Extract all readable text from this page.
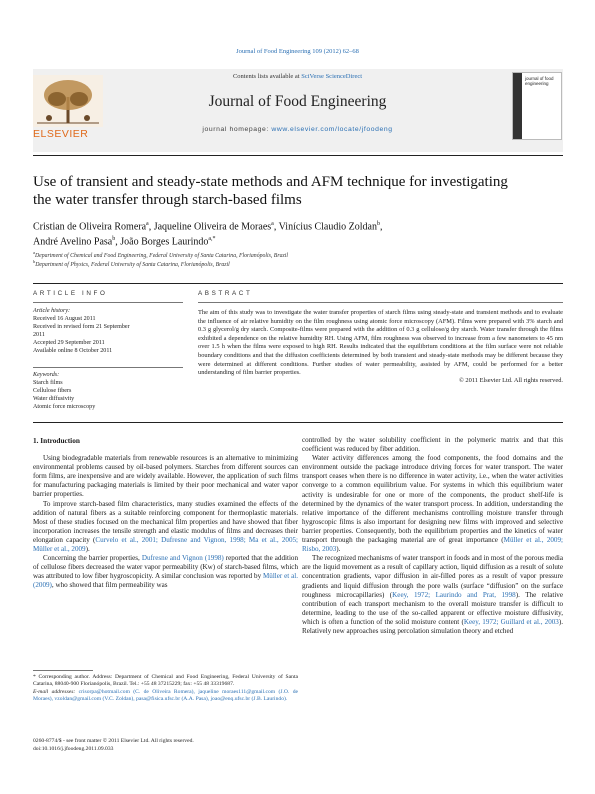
Journal of Food Engineering 109 (2012) 62–68
Contents lists available at SciVerse ScienceDirect
Journal of Food Engineering
journal homepage: www.elsevier.com/locate/jfoodeng
ELSEVIER
journal of food engineering
Use of transient and steady-state methods and AFM technique for investigating
the water transfer through starch-based films
Cristian de Oliveira Romera$^a$, Jaqueline Oliveira de Moraes$^a$, Vinícius Claudio Zoldan$^b$,
André Avelino Pasa$^b$, João Borges Laurindo$^{a,*}$
$^a$Department of Chemical and Food Engineering, Federal University of Santa Catarina, Florianópolis, Brazil
$^b$Department of Physics, Federal University of Santa Catarina, Florianópolis, Brazil
ARTICLE INFO
Article history:
Received 16 August 2011
Received in revised form 21 September
2011
Accepted 29 September 2011
Available online 8 October 2011
Keywords:
Starch films
Cellulose fibers
Water diffusivity
Atomic force microscopy
ABSTRACT
The aim of this study was to investigate the water transfer properties of starch films using steady-state and transient methods and to evaluate the influence of air relative humidity on the film roughness using atomic force microscopy (AFM). Films were prepared with 3% starch and 0.3 g glycerol/g dry starch. Composite-films were prepared with the addition of 0.3 g cellulose/g dry starch. Water transfer through the films exhibited a dependence on the relative humidity RH. Using AFM, film roughness was observed to increase from a few nanometers to 45 nm over 1.5 h when the films were exposed to high RH. Results indicated that the equilibrium conditions at the film surface were not reliable boundary conditions and that the diffusion coefficients determined by both transient and steady-state methods may be different because they were determined at different conditions. Further studies of water permeability, assisted by AFM, could be performed for a better understanding of film barrier properties.
© 2011 Elsevier Ltd. All rights reserved.
1. Introduction

Using biodegradable materials from renewable resources is an alternative to minimizing environmental problems caused by oil-based polymers. Starches from different sources can form films, are inexpensive and are widely available. However, the application of such films for manufacturing packaging materials is limited by their poor mechanical and water vapor barrier properties.

To improve starch-based film characteristics, many studies examined the effects of the addition of natural fibers as a suitable reinforcing component for thermoplastic materials. Most of these studies focused on the mechanical film properties and have showed that fiber incorporation increases the tensile strength and elastic modulus of films and decreases their elongation capacity (Curvelo et al., 2001; Dufresne and Vignon, 1998; Ma et al., 2005; Müller et al., 2009).

Concerning the barrier properties, Dufresne and Vignon (1998) reported that the addition of cellulose fibers decreased the water vapor permeability (Kw) of starch-based films, which was attributed to low fiber hygroscopicity. A similar conclusion was reported by Müller et al. (2009), who showed that film permeability was

* Corresponding author. Address: Department of Chemical and Food Engineering, Federal University of Santa Catarina, 88040-900 Florianópolis, Brazil. Tel.: +55 48 37215229; fax: +55 48 33319687.
E-mail addresses: crisorpa@hotmail.com (C. de Oliveira Romera), jaqueline moraes111@gmail.com (J.O. de Moraes), vzoldan@gmail.com (V.C. Zoldan), pasa@fisica.ufsc.br (A.A. Pasa), joao@enq.ufsc.br (J.B. Laurindo).
0260-8774/$ - see front matter © 2011 Elsevier Ltd. All rights reserved.
doi:10.1016/j.jfoodeng.2011.09.033

controlled by the water solubility coefficient in the polymeric matrix and that this coefficient was reduced by fiber addition.

Water activity differences among the food components, the food domains and the environment outside the package introduce driving forces for water transport. The water transport ceases when there is no difference in water activity, i.e., when the water activities converge to a common equilibrium value. For systems in which this equilibrium water activity is undesirable for one or more of the components, the product shelf-life is determined by the dynamics of the water transport process. In addition, understanding the relative importance of the different mechanisms controlling moisture transfer through hygroscopic films is also important for designing new films with improved and selective barrier properties. Consequently, both the equilibrium properties and the kinetics of water transport through the packaging material are of great importance (Müller et al., 2009; Risbo, 2003).

The recognized mechanisms of water transport in foods and in most of the porous media are the liquid movement as a result of capillary action, liquid diffusion as a result of solute concentration gradients, vapor diffusion in air-filled pores as a result of vapor pressure gradients and liquid diffusion through the pore walls (surface “diffusion” on the surface roughness microcapillaries) (Keey, 1972; Laurindo and Prat, 1998). The relative contribution of each transport mechanism to the overall moisture transfer is difficult to determine, leading to the use of the so-called apparent or effective moisture diffusivity, which is often a function of the solid moisture content (Keey, 1972; Guillard et al., 2003). Relatively new approaches using percolation simulation theory and etched
